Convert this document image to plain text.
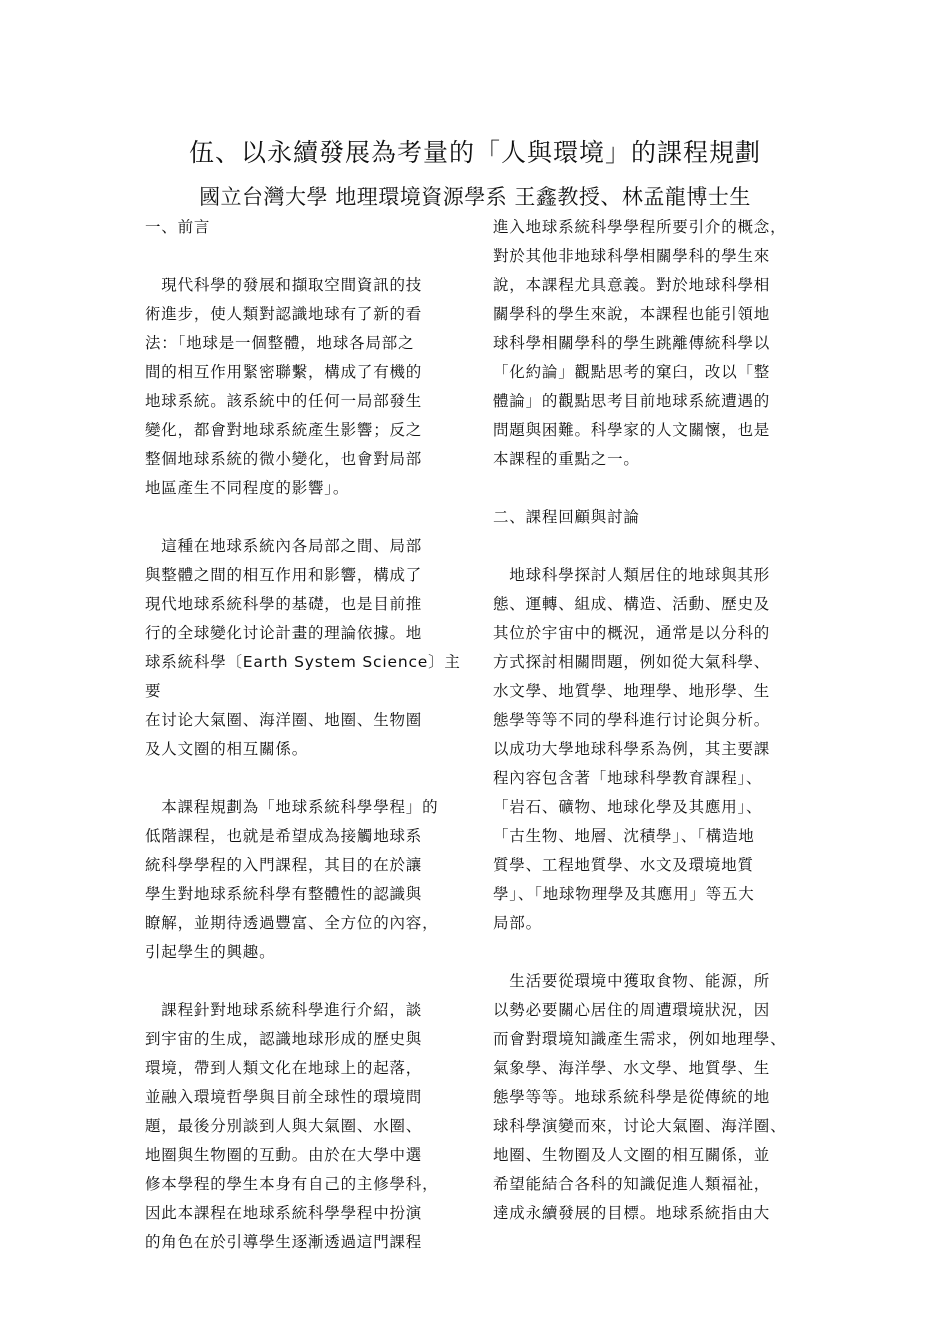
伍、以永續發展為考量的「人與環境」的課程規劃
國立台灣大學 地理環境資源學系 王鑫教授、林孟龍博士生

一、前言

　現代科學的發展和擷取空間資訊的技
術進步，使人類對認識地球有了新的看
法：「地球是一個整體，地球各局部之
間的相互作用緊密聯繫，構成了有機的
地球系統。該系統中的任何一局部發生
變化，都會對地球系統產生影響；反之
整個地球系統的微小變化，也會對局部
地區產生不同程度的影響」。

　這種在地球系統內各局部之間、局部
與整體之間的相互作用和影響，構成了
現代地球系統科學的基礎，也是目前推
行的全球變化讨论計畫的理論依據。地
球系統科學〔Earth System Science〕主要
在讨论大氣圈、海洋圈、地圈、生物圈
及人文圈的相互關係。

　本課程規劃為「地球系統科學學程」的
低階課程，也就是希望成為接觸地球系
統科學學程的入門課程，其目的在於讓
學生對地球系統科學有整體性的認識與
瞭解，並期待透過豐富、全方位的內容，
引起學生的興趣。

　課程針對地球系統科學進行介紹，談
到宇宙的生成，認識地球形成的歷史與
環境，帶到人類文化在地球上的起落，
並融入環境哲學與目前全球性的環境問
題，最後分別談到人與大氣圈、水圈、
地圈與生物圈的互動。由於在大學中選
修本學程的學生本身有自己的主修學科，
因此本課程在地球系統科學學程中扮演
的角色在於引導學生逐漸透過這門課程

進入地球系統科學學程所要引介的概念，
對於其他非地球科學相關學科的學生來
說，本課程尤具意義。對於地球科學相
關學科的學生來說，本課程也能引領地
球科學相關學科的學生跳離傳統科學以
「化約論」觀點思考的窠臼，改以「整
體論」的觀點思考目前地球系統遭遇的
問題與困難。科學家的人文關懷，也是
本課程的重點之一。

二、課程回顧與討論

　地球科學探討人類居住的地球與其形
態、運轉、組成、構造、活動、歷史及
其位於宇宙中的概況，通常是以分科的
方式探討相關問題，例如從大氣科學、
水文學、地質學、地理學、地形學、生
態學等等不同的學科進行讨论與分析。
以成功大學地球科學系為例，其主要課
程內容包含著「地球科學教育課程」、
「岩石、礦物、地球化學及其應用」、
「古生物、地層、沈積學」、「構造地
質學、工程地質學、水文及環境地質
學」、「地球物理學及其應用」等五大
局部。

　生活要從環境中獲取食物、能源，所
以勢必要關心居住的周遭環境狀況，因
而會對環境知識產生需求，例如地理學、
氣象學、海洋學、水文學、地質學、生
態學等等。地球系統科學是從傳統的地
球科學演變而來，讨论大氣圈、海洋圈、
地圈、生物圈及人文圈的相互關係，並
希望能結合各科的知識促進人類福祉，
達成永續發展的目標。地球系統指由大
